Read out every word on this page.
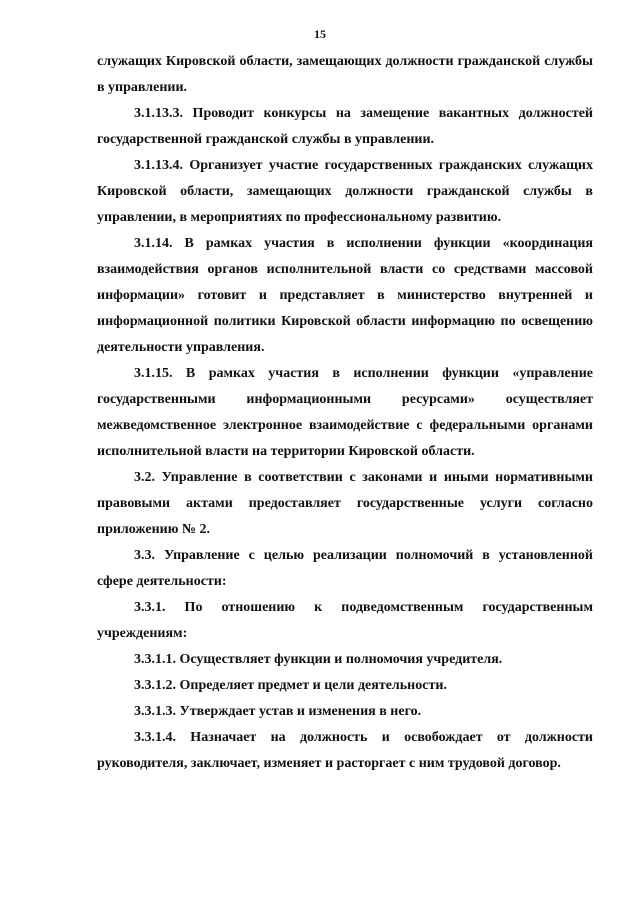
15

служащих Кировской области, замещающих должности гражданской службы в управлении.

3.1.13.3. Проводит конкурсы на замещение вакантных должностей государственной гражданской службы в управлении.

3.1.13.4. Организует участие государственных гражданских служащих Кировской области, замещающих должности гражданской службы в управлении, в мероприятиях по профессиональному развитию.

3.1.14. В рамках участия в исполнении функции «координация взаимодействия органов исполнительной власти со средствами массовой информации» готовит и представляет в министерство внутренней и информационной политики Кировской области информацию по освещению деятельности управления.

3.1.15. В рамках участия в исполнении функции «управление государственными информационными ресурсами» осуществляет межведомственное электронное взаимодействие с федеральными органами исполнительной власти на территории Кировской области.

3.2. Управление в соответствии с законами и иными нормативными правовыми актами предоставляет государственные услуги согласно приложению № 2.

3.3. Управление с целью реализации полномочий в установленной сфере деятельности:

3.3.1. По отношению к подведомственным государственным учреждениям:

3.3.1.1. Осуществляет функции и полномочия учредителя.

3.3.1.2. Определяет предмет и цели деятельности.

3.3.1.3. Утверждает устав и изменения в него.

3.3.1.4. Назначает на должность и освобождает от должности руководителя, заключает, изменяет и расторгает с ним трудовой договор.
